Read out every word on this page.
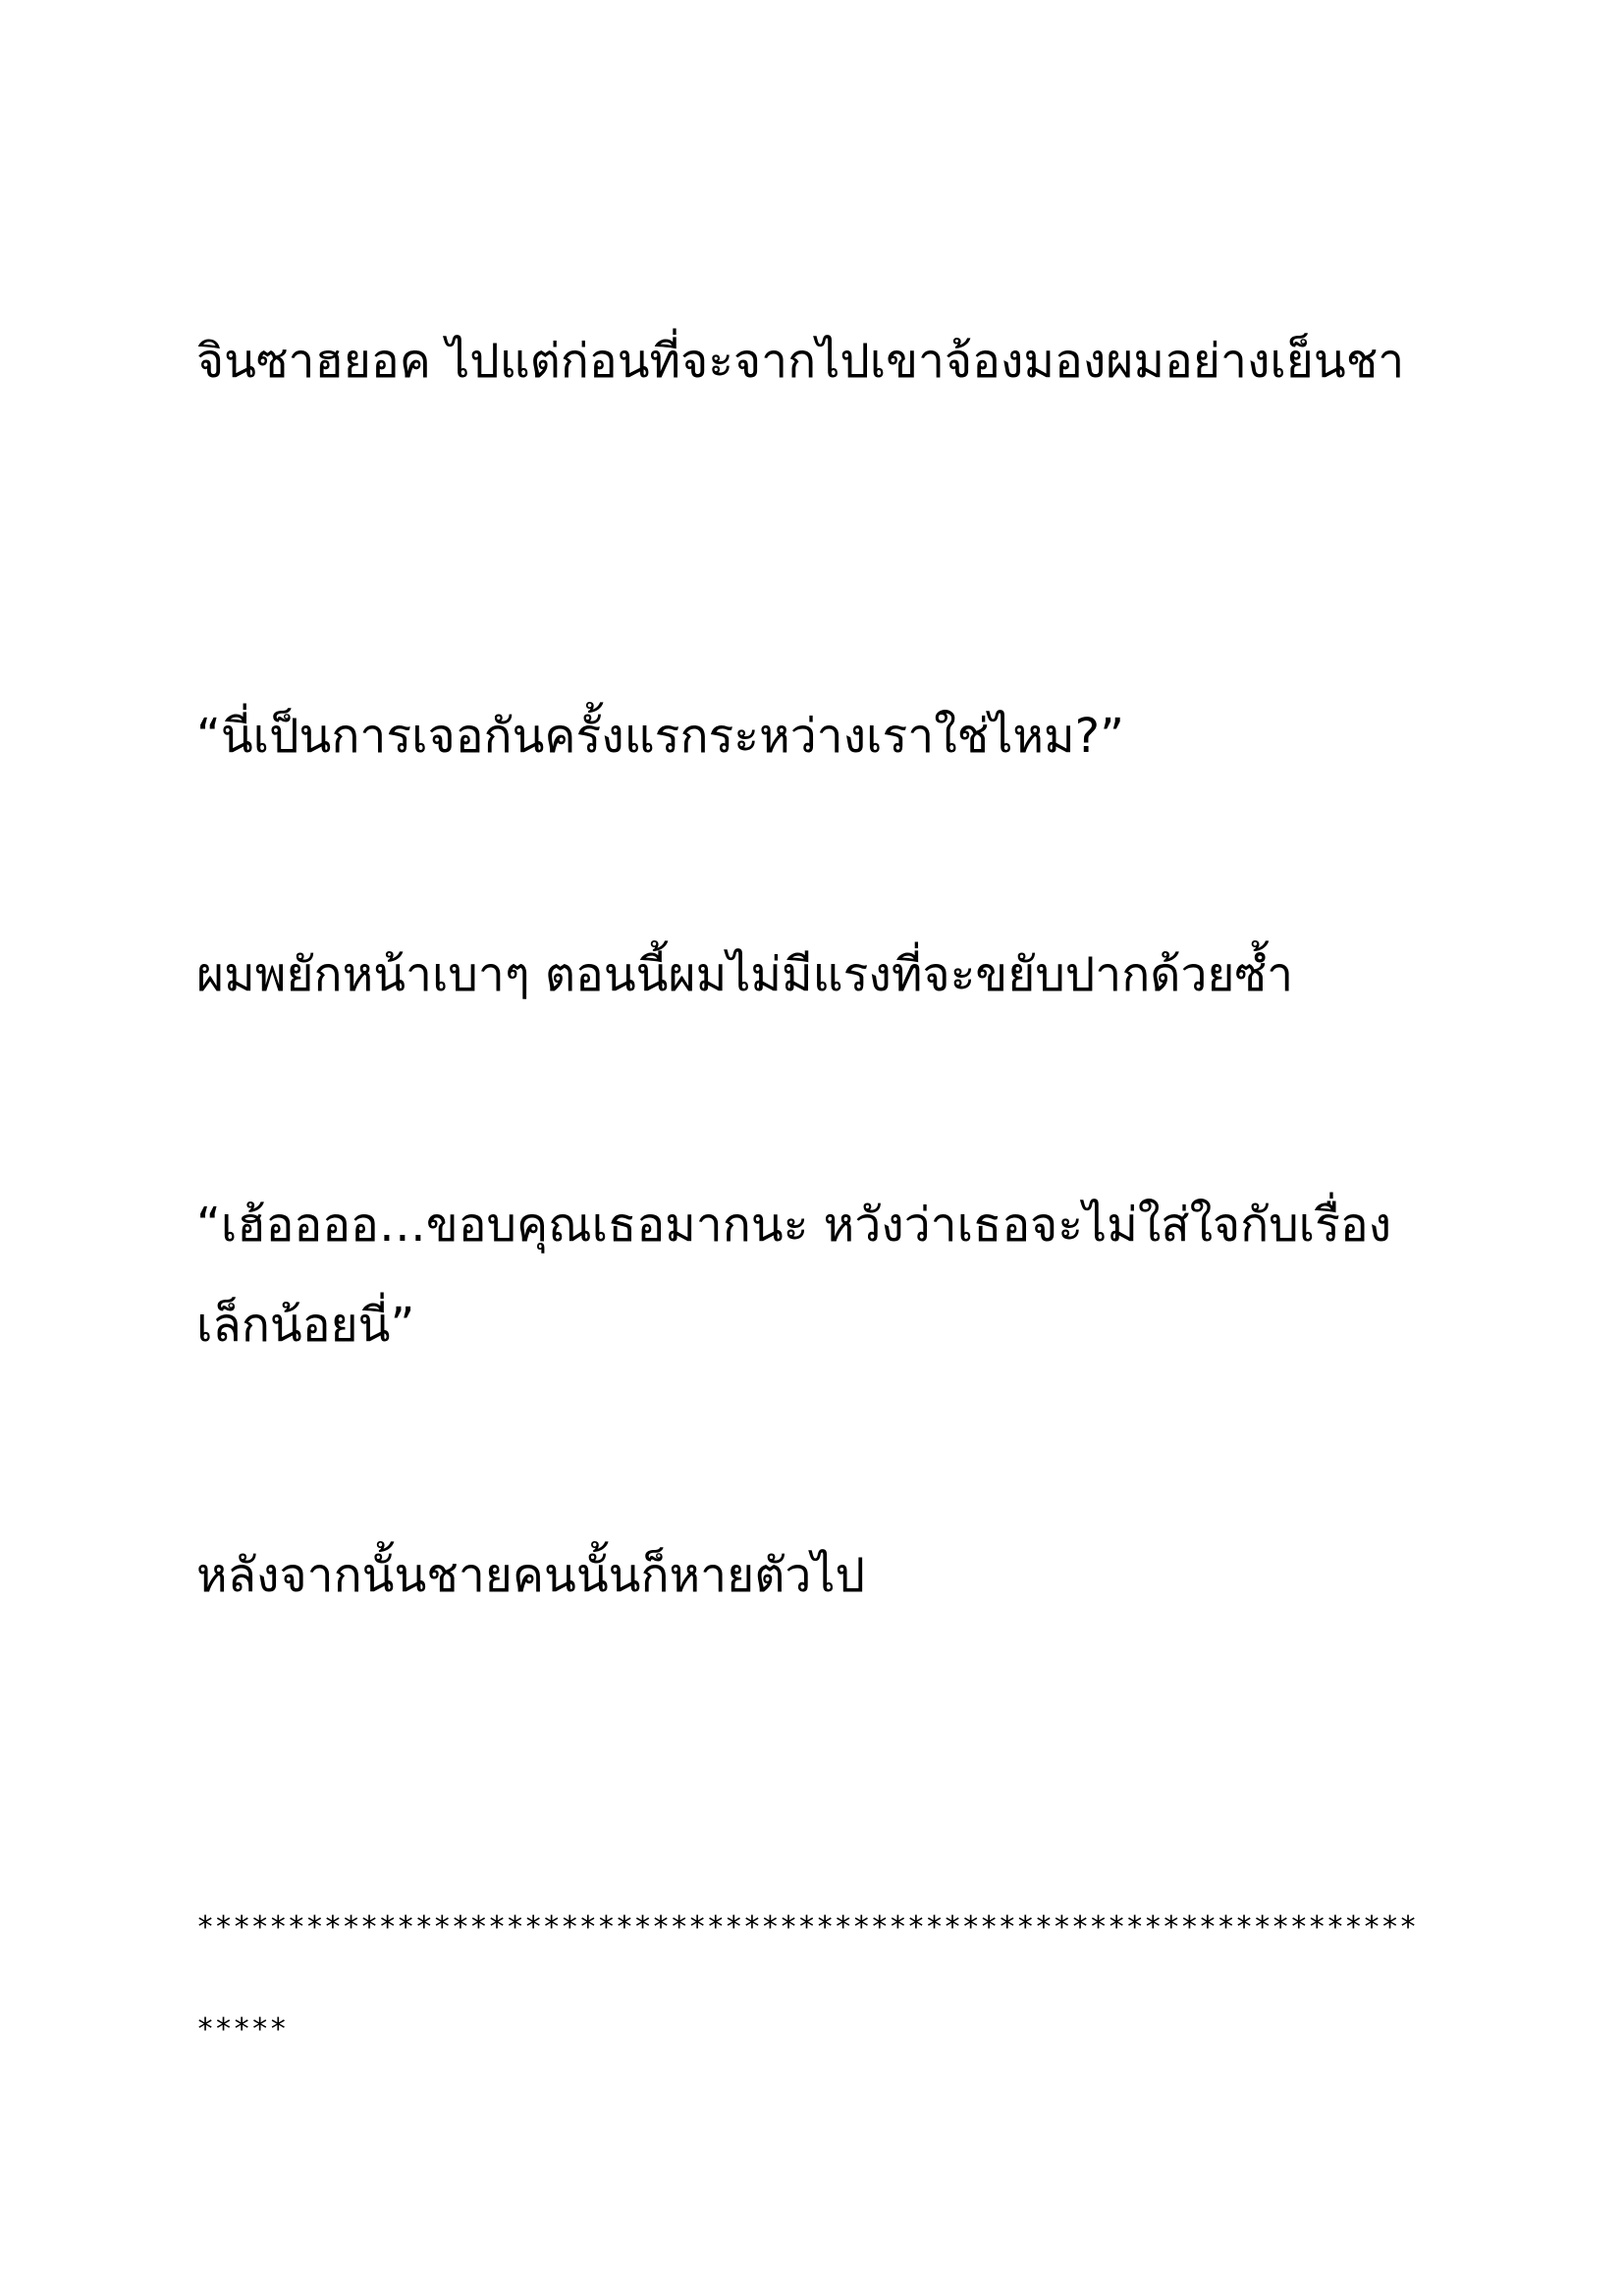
จินซาฮยอค ไปแต่ก่อนที่จะจากไปเขาจ้องมองผมอย่างเย็นชา

“นี่เป็นการเจอกันครั้งแรกระหว่างเราใช่ไหม?”

ผมพยักหน้าเบาๆ ตอนนี้ผมไม่มีแรงที่จะขยับปากด้วยซ้ำ

“เฮ้ออออ…ขอบคุณเธอมากนะ หวังว่าเธอจะไม่ใส่ใจกับเรื่อง

เล็กน้อยนี่”

หลังจากนั้นชายคนนั้นก็หายตัวไป

*******************************************************************

*****
